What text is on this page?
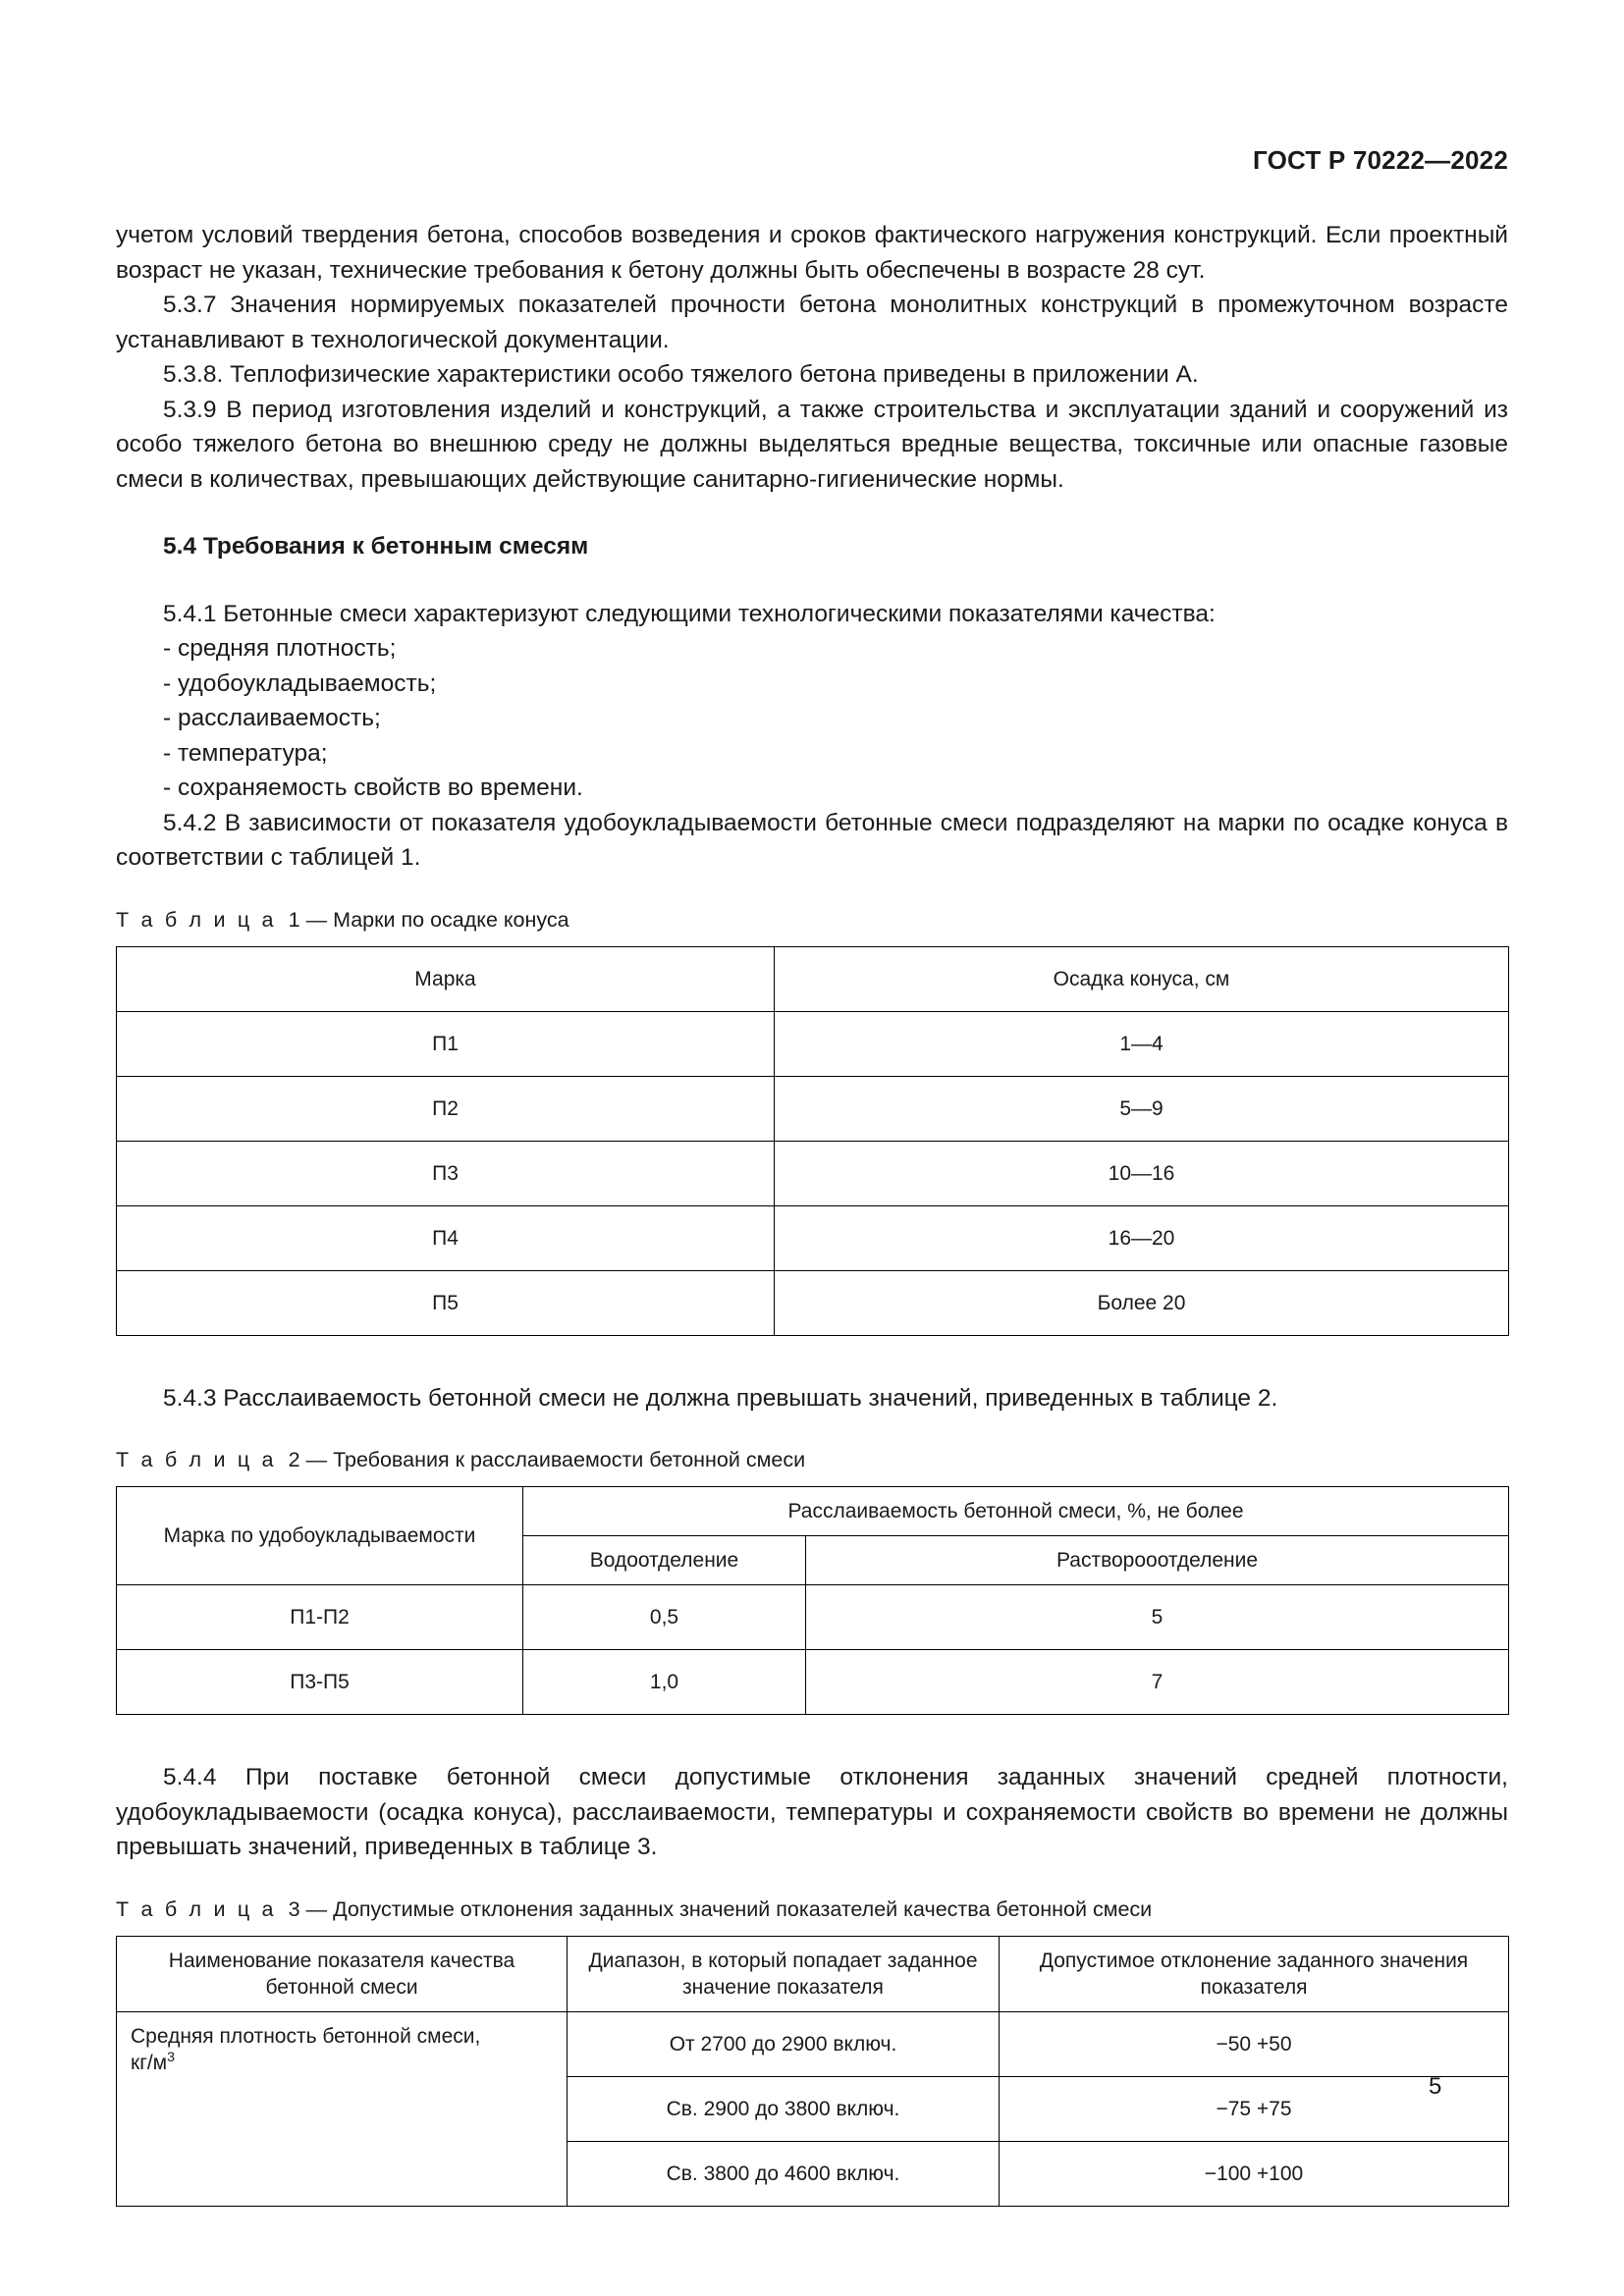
ГОСТ Р 70222—2022

учетом условий твердения бетона, способов возведения и сроков фактического нагружения конструкций. Если проектный возраст не указан, технические требования к бетону должны быть обеспечены в возрасте 28 сут.

5.3.7 Значения нормируемых показателей прочности бетона монолитных конструкций в промежуточном возрасте устанавливают в технологической документации.

5.3.8. Теплофизические характеристики особо тяжелого бетона приведены в приложении А.

5.3.9 В период изготовления изделий и конструкций, а также строительства и эксплуатации зданий и сооружений из особо тяжелого бетона во внешнюю среду не должны выделяться вредные вещества, токсичные или опасные газовые смеси в количествах, превышающих действующие санитарно-гигиенические нормы.

5.4 Требования к бетонным смесям

5.4.1 Бетонные смеси характеризуют следующими технологическими показателями качества:

- средняя плотность;
- удобоукладываемость;
- расслаиваемость;
- температура;
- сохраняемость свойств во времени.

5.4.2 В зависимости от показателя удобоукладываемости бетонные смеси подразделяют на марки по осадке конуса в соответствии с таблицей 1.

Т а б л и ц а 1 — Марки по осадке конуса
Марка	Осадка конуса, см
П1	1—4
П2	5—9
П3	10—16
П4	16—20
П5	Более 20

5.4.3 Расслаиваемость бетонной смеси не должна превышать значений, приведенных в таблице 2.

Т а б л и ц а 2 — Требования к расслаиваемости бетонной смеси
Марка по удобоукладываемости	Расслаиваемость бетонной смеси, %, не более	
	Водоотделение	Растворооотделение
П1-П2	0,5	5
П3-П5	1,0	7

5.4.4 При поставке бетонной смеси допустимые отклонения заданных значений средней плотности, удобоукладываемости (осадка конуса), расслаиваемости, температуры и сохраняемости свойств во времени не должны превышать значений, приведенных в таблице 3.

Т а б л и ц а 3 — Допустимые отклонения заданных значений показателей качества бетонной смеси
Наименование показателя качества бетонной смеси	Диапазон, в который попадает заданное значение показателя	Допустимое отклонение заданного значения показателя
Средняя плотность бетонной смеси,
$кг/м^3$	От 2700 до 2900 включ.	−50 +50
	Св. 2900 до 3800 включ.	−75 +75
	Св. 3800 до 4600 включ.	−100 +100
5
